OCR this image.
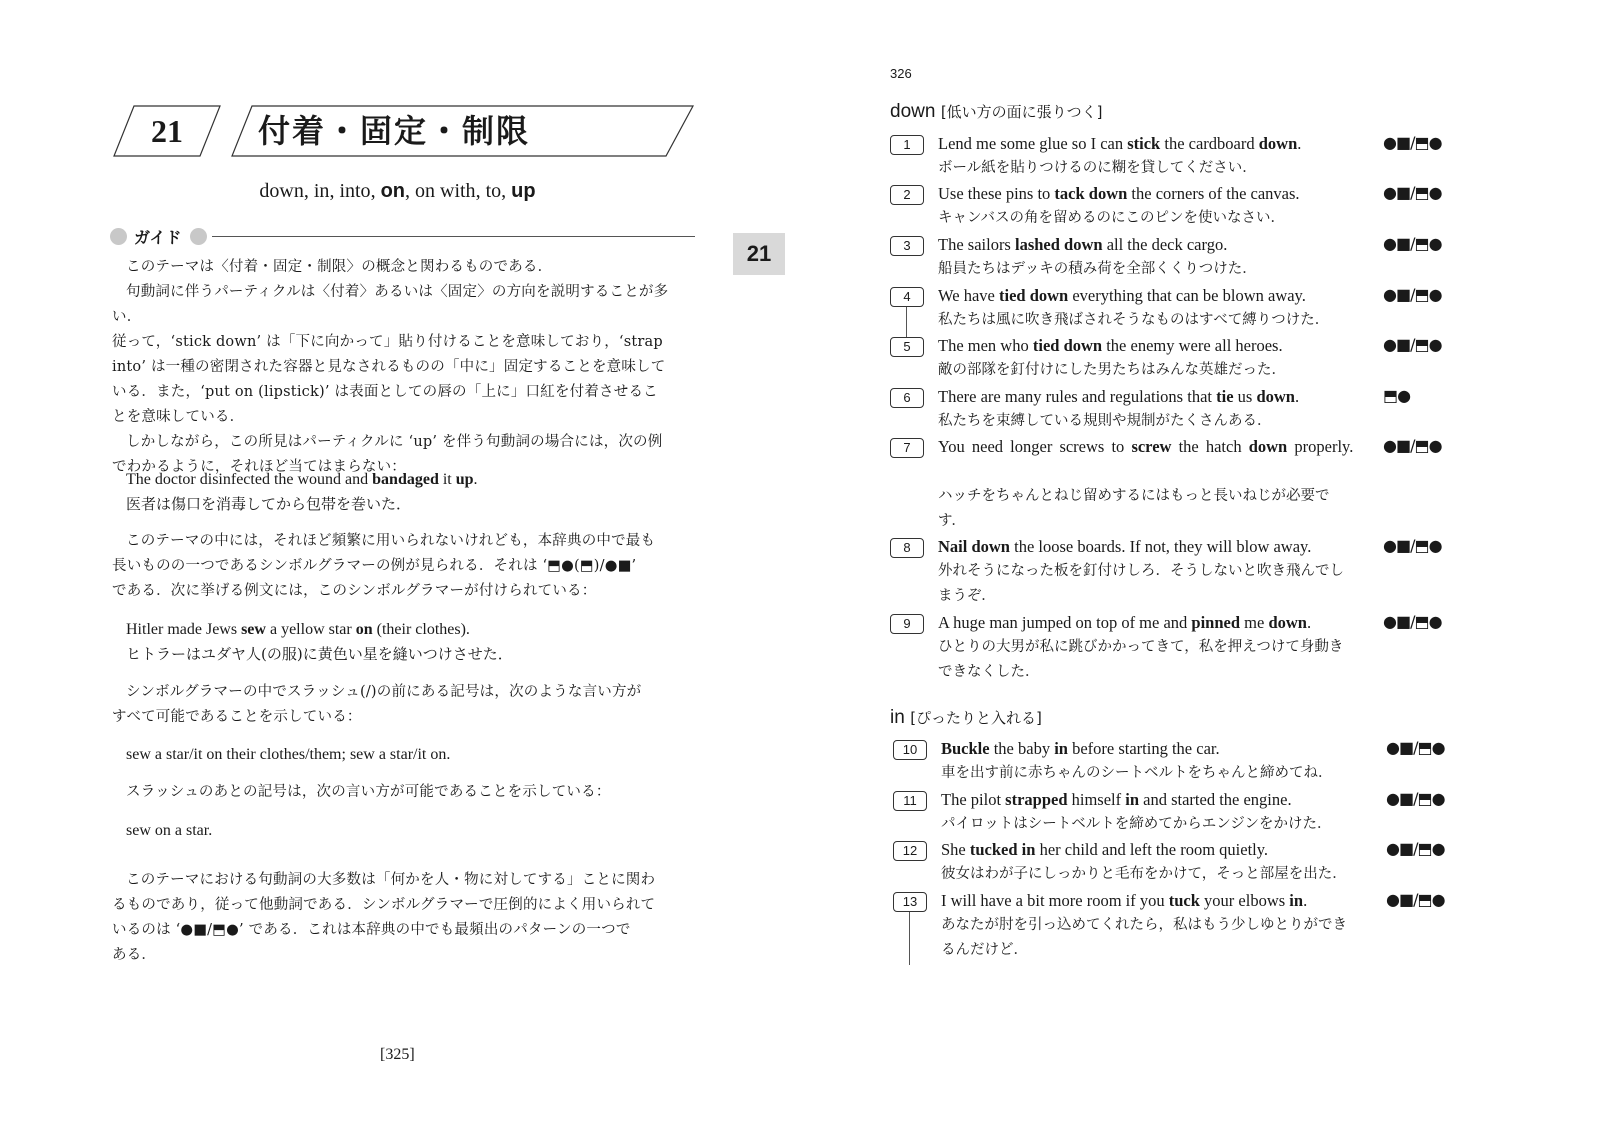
21	付着・固定・制限
down, in, into, on, on with, to, up
ガイド

このテーマは〈付着・固定・制限〉の概念と関わるものである．

句動詞に伴うパーティクルは〈付着〉あるいは〈固定〉の方向を説明することが多い．

従って，‘stick down’ は「下に向かって」貼り付けることを意味しており，‘strap

into’ は一種の密閉された容器と見なされるものの「中に」固定することを意味して

いる．また，‘put on (lipstick)’ は表面としての唇の「上に」口紅を付着させるこ

とを意味している．

しかしながら，この所見はパーティクルに ‘up’ を伴う句動詞の場合には，次の例

でわかるように，それほど当てはまらない：

The doctor disinfected the wound and bandaged it up.
医者は傷口を消毒してから包帯を巻いた．

このテーマの中には，それほど頻繁に用いられないけれども，本辞典の中で最も

長いものの一つであるシンボルグラマーの例が見られる．それは ‘⬒●(⬒)/●■’

である．次に挙げる例文には，このシンボルグラマーが付けられている：

Hitler made Jews sew a yellow star on (their clothes).
ヒトラーはユダヤ人(の服)に黄色い星を縫いつけさせた．

シンボルグラマーの中でスラッシュ(/)の前にある記号は，次のような言い方が

すべて可能であることを示している：

sew a star/it on their clothes/them; sew a star/it on.

スラッシュのあとの記号は，次の言い方が可能であることを示している：

sew on a star.

このテーマにおける句動詞の大多数は「何かを人・物に対してする」ことに関わ

るものであり，従って他動詞である．シンボルグラマーで圧倒的によく用いられて

いるのは ‘●■/⬒●’ である．これは本辞典の中でも最頻出のパターンの一つで

ある．

[325]
21
326
down [低い方の面に張りつく]
1	Lend me some glue so I can stick the cardboard down.
ボール紙を貼りつけるのに糊を貸してください．
●■/⬒●
2	Use these pins to tack down the corners of the canvas.
キャンバスの角を留めるのにこのピンを使いなさい．
●■/⬒●
3	The sailors lashed down all the deck cargo.
船員たちはデッキの積み荷を全部くくりつけた．
●■/⬒●
4	We have tied down everything that can be blown away.
私たちは風に吹き飛ばされそうなものはすべて縛りつけた．
●■/⬒●
5	The men who tied down the enemy were all heroes.
敵の部隊を釘付けにした男たちはみんな英雄だった．
●■/⬒●
6	There are many rules and regulations that tie us down.
私たちを束縛している規則や規制がたくさんある．
⬒●
7	You need longer screws to screw the hatch down properly.
ハッチをちゃんとねじ留めするにはもっと長いねじが必要で
す．
●■/⬒●
8	Nail down the loose boards. If not, they will blow away.
外れそうになった板を釘付けしろ．そうしないと吹き飛んでし
まうぞ．
●■/⬒●
9	A huge man jumped on top of me and pinned me down.
ひとりの大男が私に跳びかかってきて，私を押えつけて身動き
できなくした．
●■/⬒●
in [ぴったりと入れる]
10	Buckle the baby in before starting the car.
車を出す前に赤ちゃんのシートベルトをちゃんと締めてね．
●■/⬒●
11	The pilot strapped himself in and started the engine.
パイロットはシートベルトを締めてからエンジンをかけた．
●■/⬒●
12	She tucked in her child and left the room quietly.
彼女はわが子にしっかりと毛布をかけて，そっと部屋を出た．
●■/⬒●
13	I will have a bit more room if you tuck your elbows in.
あなたが肘を引っ込めてくれたら，私はもう少しゆとりができ
るんだけど．
●■/⬒●
